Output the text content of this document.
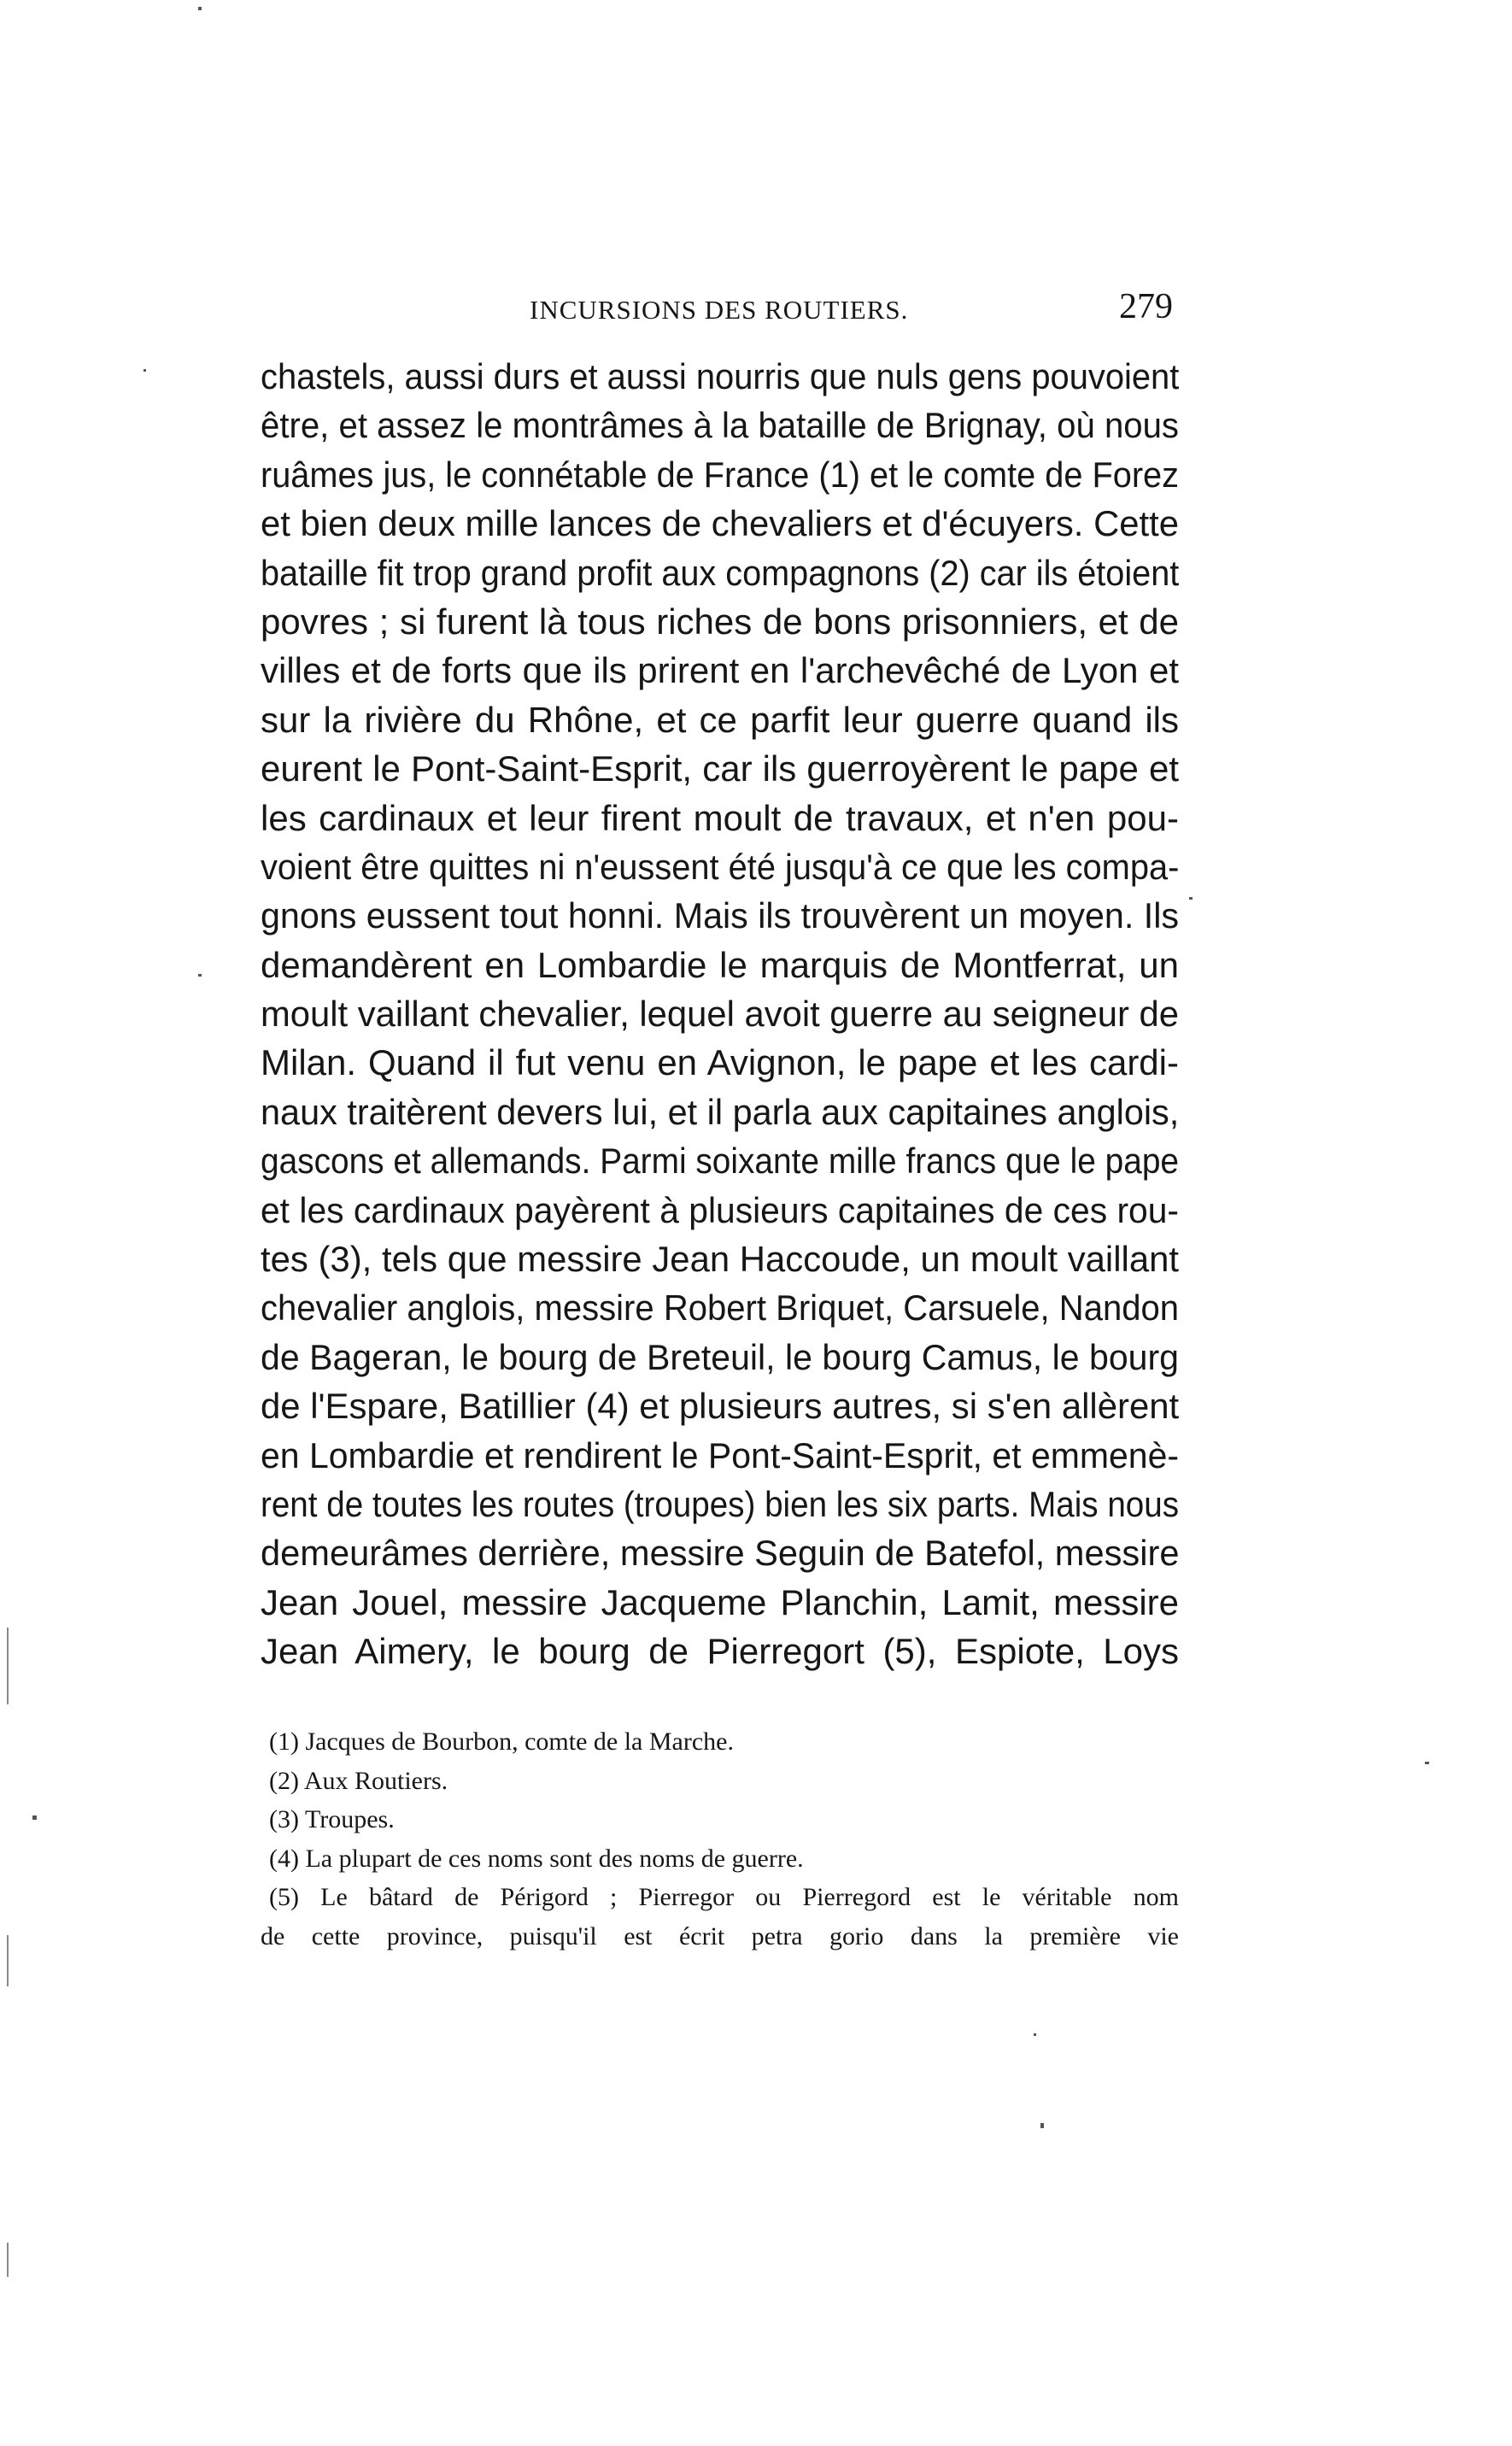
INCURSIONS DES ROUTIERS.	279
chastels, aussi durs et aussi nourris que nuls gens pouvoient
être, et assez le montrâmes à la bataille de Brignay, où nous
ruâmes jus, le connétable de France (1) et le comte de Forez
et bien deux mille lances de chevaliers et d'écuyers. Cette
bataille fit trop grand profit aux compagnons (2) car ils étoient
povres ; si furent là tous riches de bons prisonniers, et de
villes et de forts que ils prirent en l'archevêché de Lyon et
sur la rivière du Rhône, et ce parfit leur guerre quand ils
eurent le Pont-Saint-Esprit, car ils guerroyèrent le pape et
les cardinaux et leur firent moult de travaux, et n'en pou-
voient être quittes ni n'eussent été jusqu'à ce que les compa-
gnons eussent tout honni. Mais ils trouvèrent un moyen. Ils
demandèrent en Lombardie le marquis de Montferrat, un
moult vaillant chevalier, lequel avoit guerre au seigneur de
Milan. Quand il fut venu en Avignon, le pape et les cardi-
naux traitèrent devers lui, et il parla aux capitaines anglois,
gascons et allemands. Parmi soixante mille francs que le pape
et les cardinaux payèrent à plusieurs capitaines de ces rou-
tes (3), tels que messire Jean Haccoude, un moult vaillant
chevalier anglois, messire Robert Briquet, Carsuele, Nandon
de Bageran, le bourg de Breteuil, le bourg Camus, le bourg
de l'Espare, Batillier (4) et plusieurs autres, si s'en allèrent
en Lombardie et rendirent le Pont-Saint-Esprit, et emmenè-
rent de toutes les routes (troupes) bien les six parts. Mais nous
demeurâmes derrière, messire Seguin de Batefol, messire
Jean Jouel, messire Jacqueme Planchin, Lamit, messire
Jean Aimery, le bourg de Pierregort (5), Espiote, Loys
(1) Jacques de Bourbon, comte de la Marche.
(2) Aux Routiers.
(3) Troupes.
(4) La plupart de ces noms sont des noms de guerre.
(5) Le bâtard de Périgord ; Pierregor ou Pierregord est le véritable nom
de cette province, puisqu'il est écrit petra gorio dans la première vie
